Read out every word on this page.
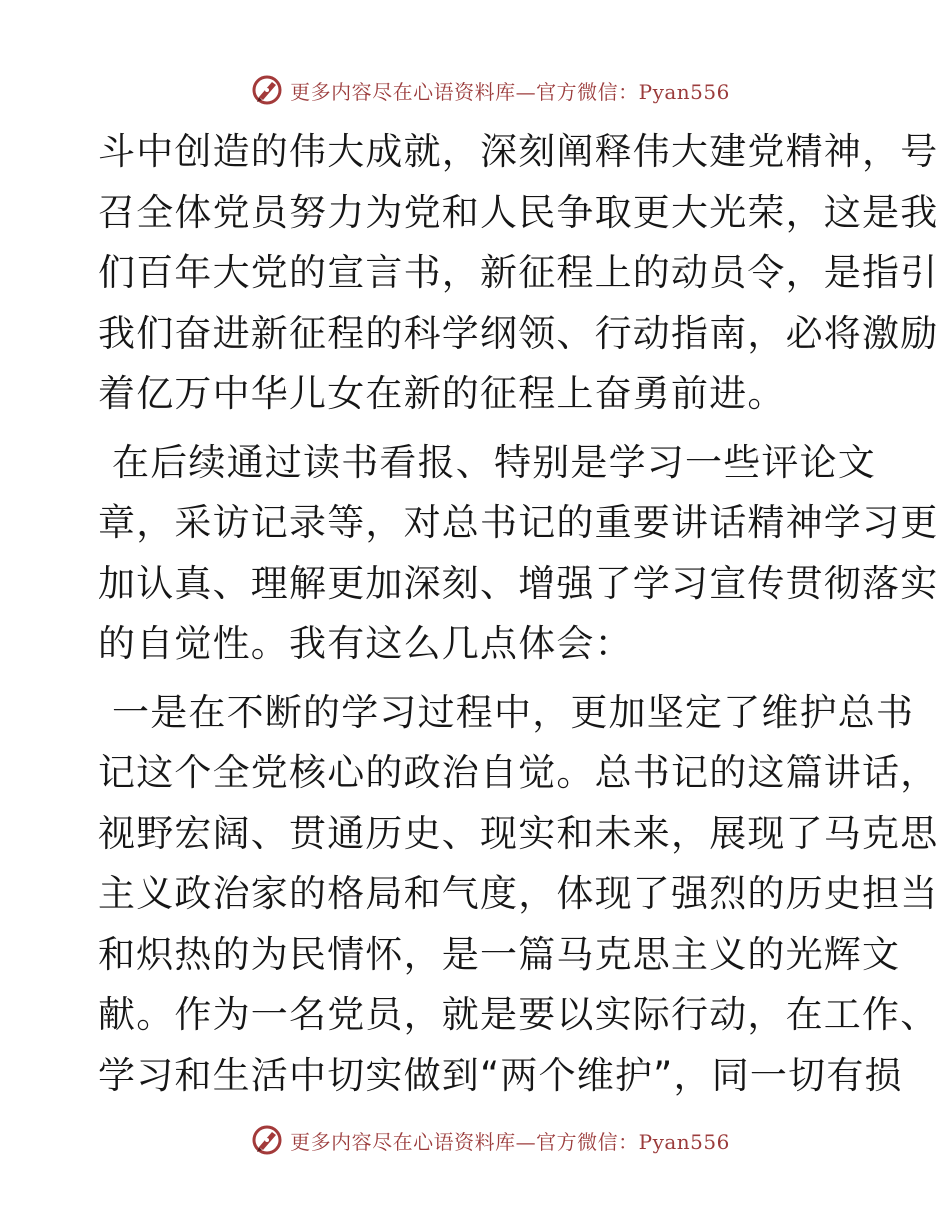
更多内容尽在心语资料库—官方微信：Pyan556
斗中创造的伟大成就，深刻阐释伟大建党精神，号
召全体党员努力为党和人民争取更大光荣，这是我
们百年大党的宣言书，新征程上的动员令，是指引
我们奋进新征程的科学纲领、行动指南，必将激励
着亿万中华儿女在新的征程上奋勇前进。
在后续通过读书看报、特别是学习一些评论文
章，采访记录等，对总书记的重要讲话精神学习更
加认真、理解更加深刻、增强了学习宣传贯彻落实
的自觉性。我有这么几点体会：
一是在不断的学习过程中，更加坚定了维护总书
记这个全党核心的政治自觉。总书记的这篇讲话，
视野宏阔、贯通历史、现实和未来，展现了马克思
主义政治家的格局和气度，体现了强烈的历史担当
和炽热的为民情怀，是一篇马克思主义的光辉文
献。作为一名党员，就是要以实际行动，在工作、
学习和生活中切实做到“两个维护”，同一切有损
更多内容尽在心语资料库—官方微信：Pyan556
